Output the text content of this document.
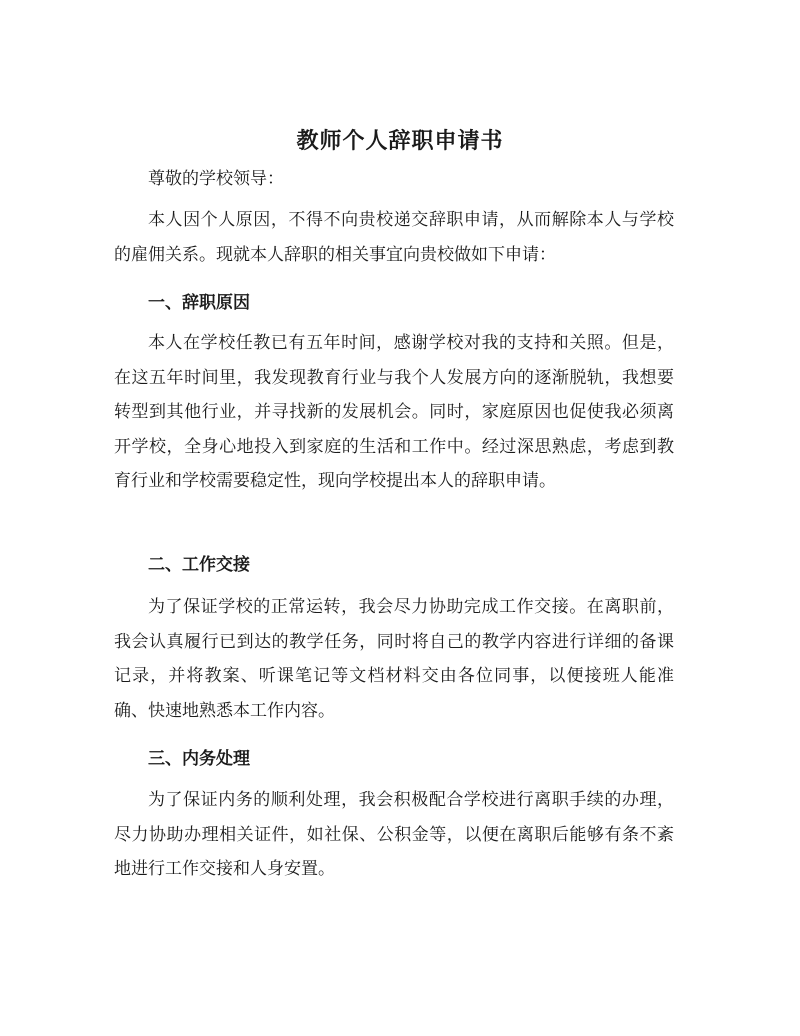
教师个人辞职申请书

尊敬的学校领导：

本人因个人原因，不得不向贵校递交辞职申请，从而解除本人与学校的雇佣关系。现就本人辞职的相关事宜向贵校做如下申请：

一、辞职原因

本人在学校任教已有五年时间，感谢学校对我的支持和关照。但是，在这五年时间里，我发现教育行业与我个人发展方向的逐渐脱轨，我想要转型到其他行业，并寻找新的发展机会。同时，家庭原因也促使我必须离开学校，全身心地投入到家庭的生活和工作中。经过深思熟虑，考虑到教育行业和学校需要稳定性，现向学校提出本人的辞职申请。

二、工作交接

为了保证学校的正常运转，我会尽力协助完成工作交接。在离职前，我会认真履行已到达的教学任务，同时将自己的教学内容进行详细的备课记录，并将教案、听课笔记等文档材料交由各位同事，以便接班人能准确、快速地熟悉本工作内容。

三、内务处理

为了保证内务的顺利处理，我会积极配合学校进行离职手续的办理，尽力协助办理相关证件，如社保、公积金等，以便在离职后能够有条不紊地进行工作交接和人身安置。
